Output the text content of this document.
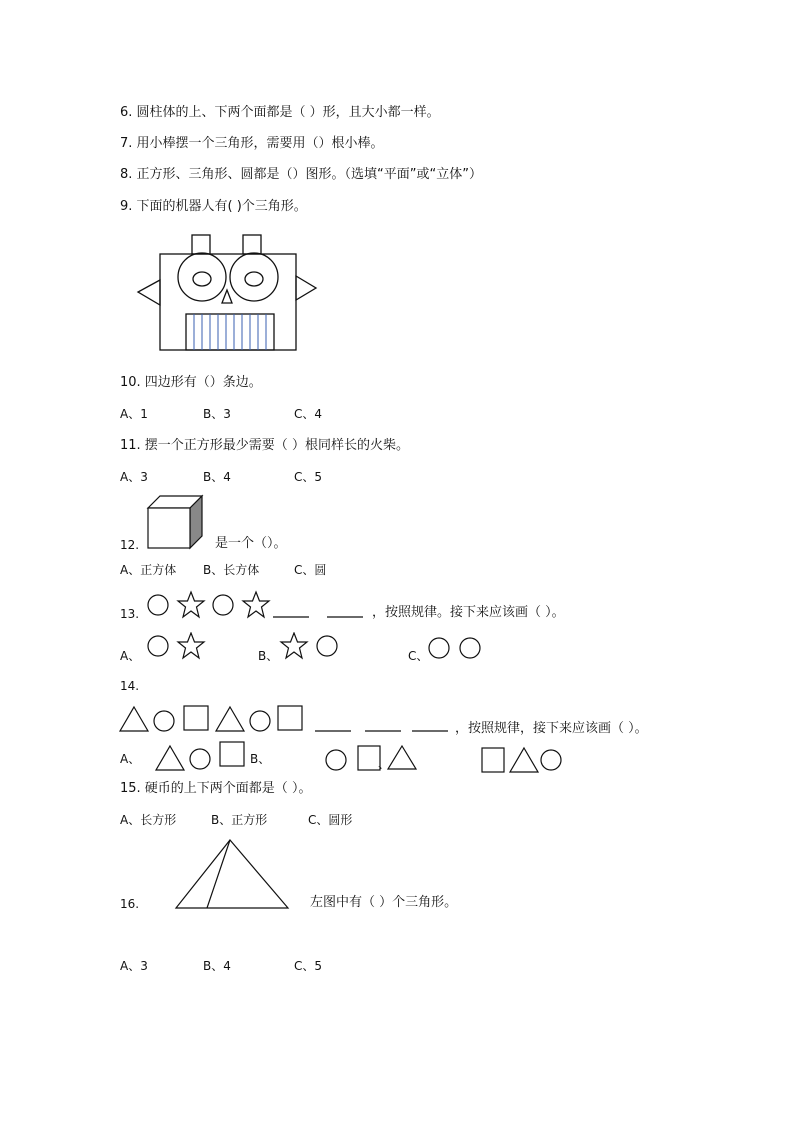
6. 圆柱体的上、下两个面都是（ ）形，且大小都一样。
7. 用小棒摆一个三角形，需要用（）根小棒。
8. 正方形、三角形、圆都是（）图形。（选填“平面”或“立体”）
9. 下面的机器人有( )个三角形。
10. 四边形有（）条边。
A、1	B、3	C、4
11. 摆一个正方形最少需要（ ）根同样长的火柴。
A、3	B、4	C、5
12.	是一个（）。
A、正方体 B、长方体	C、圆
13.	，按照规律。接下来应该画（ ）。
A、	B、	C、
14.
，按照规律，接下来应该画（ ）。
A、	B、	、
15. 硬币的上下两个面都是（ ）。
A、长方形	B、正方形	C、圆形
16.	左图中有（ ）个三角形。
A、3	B、4	C、5
